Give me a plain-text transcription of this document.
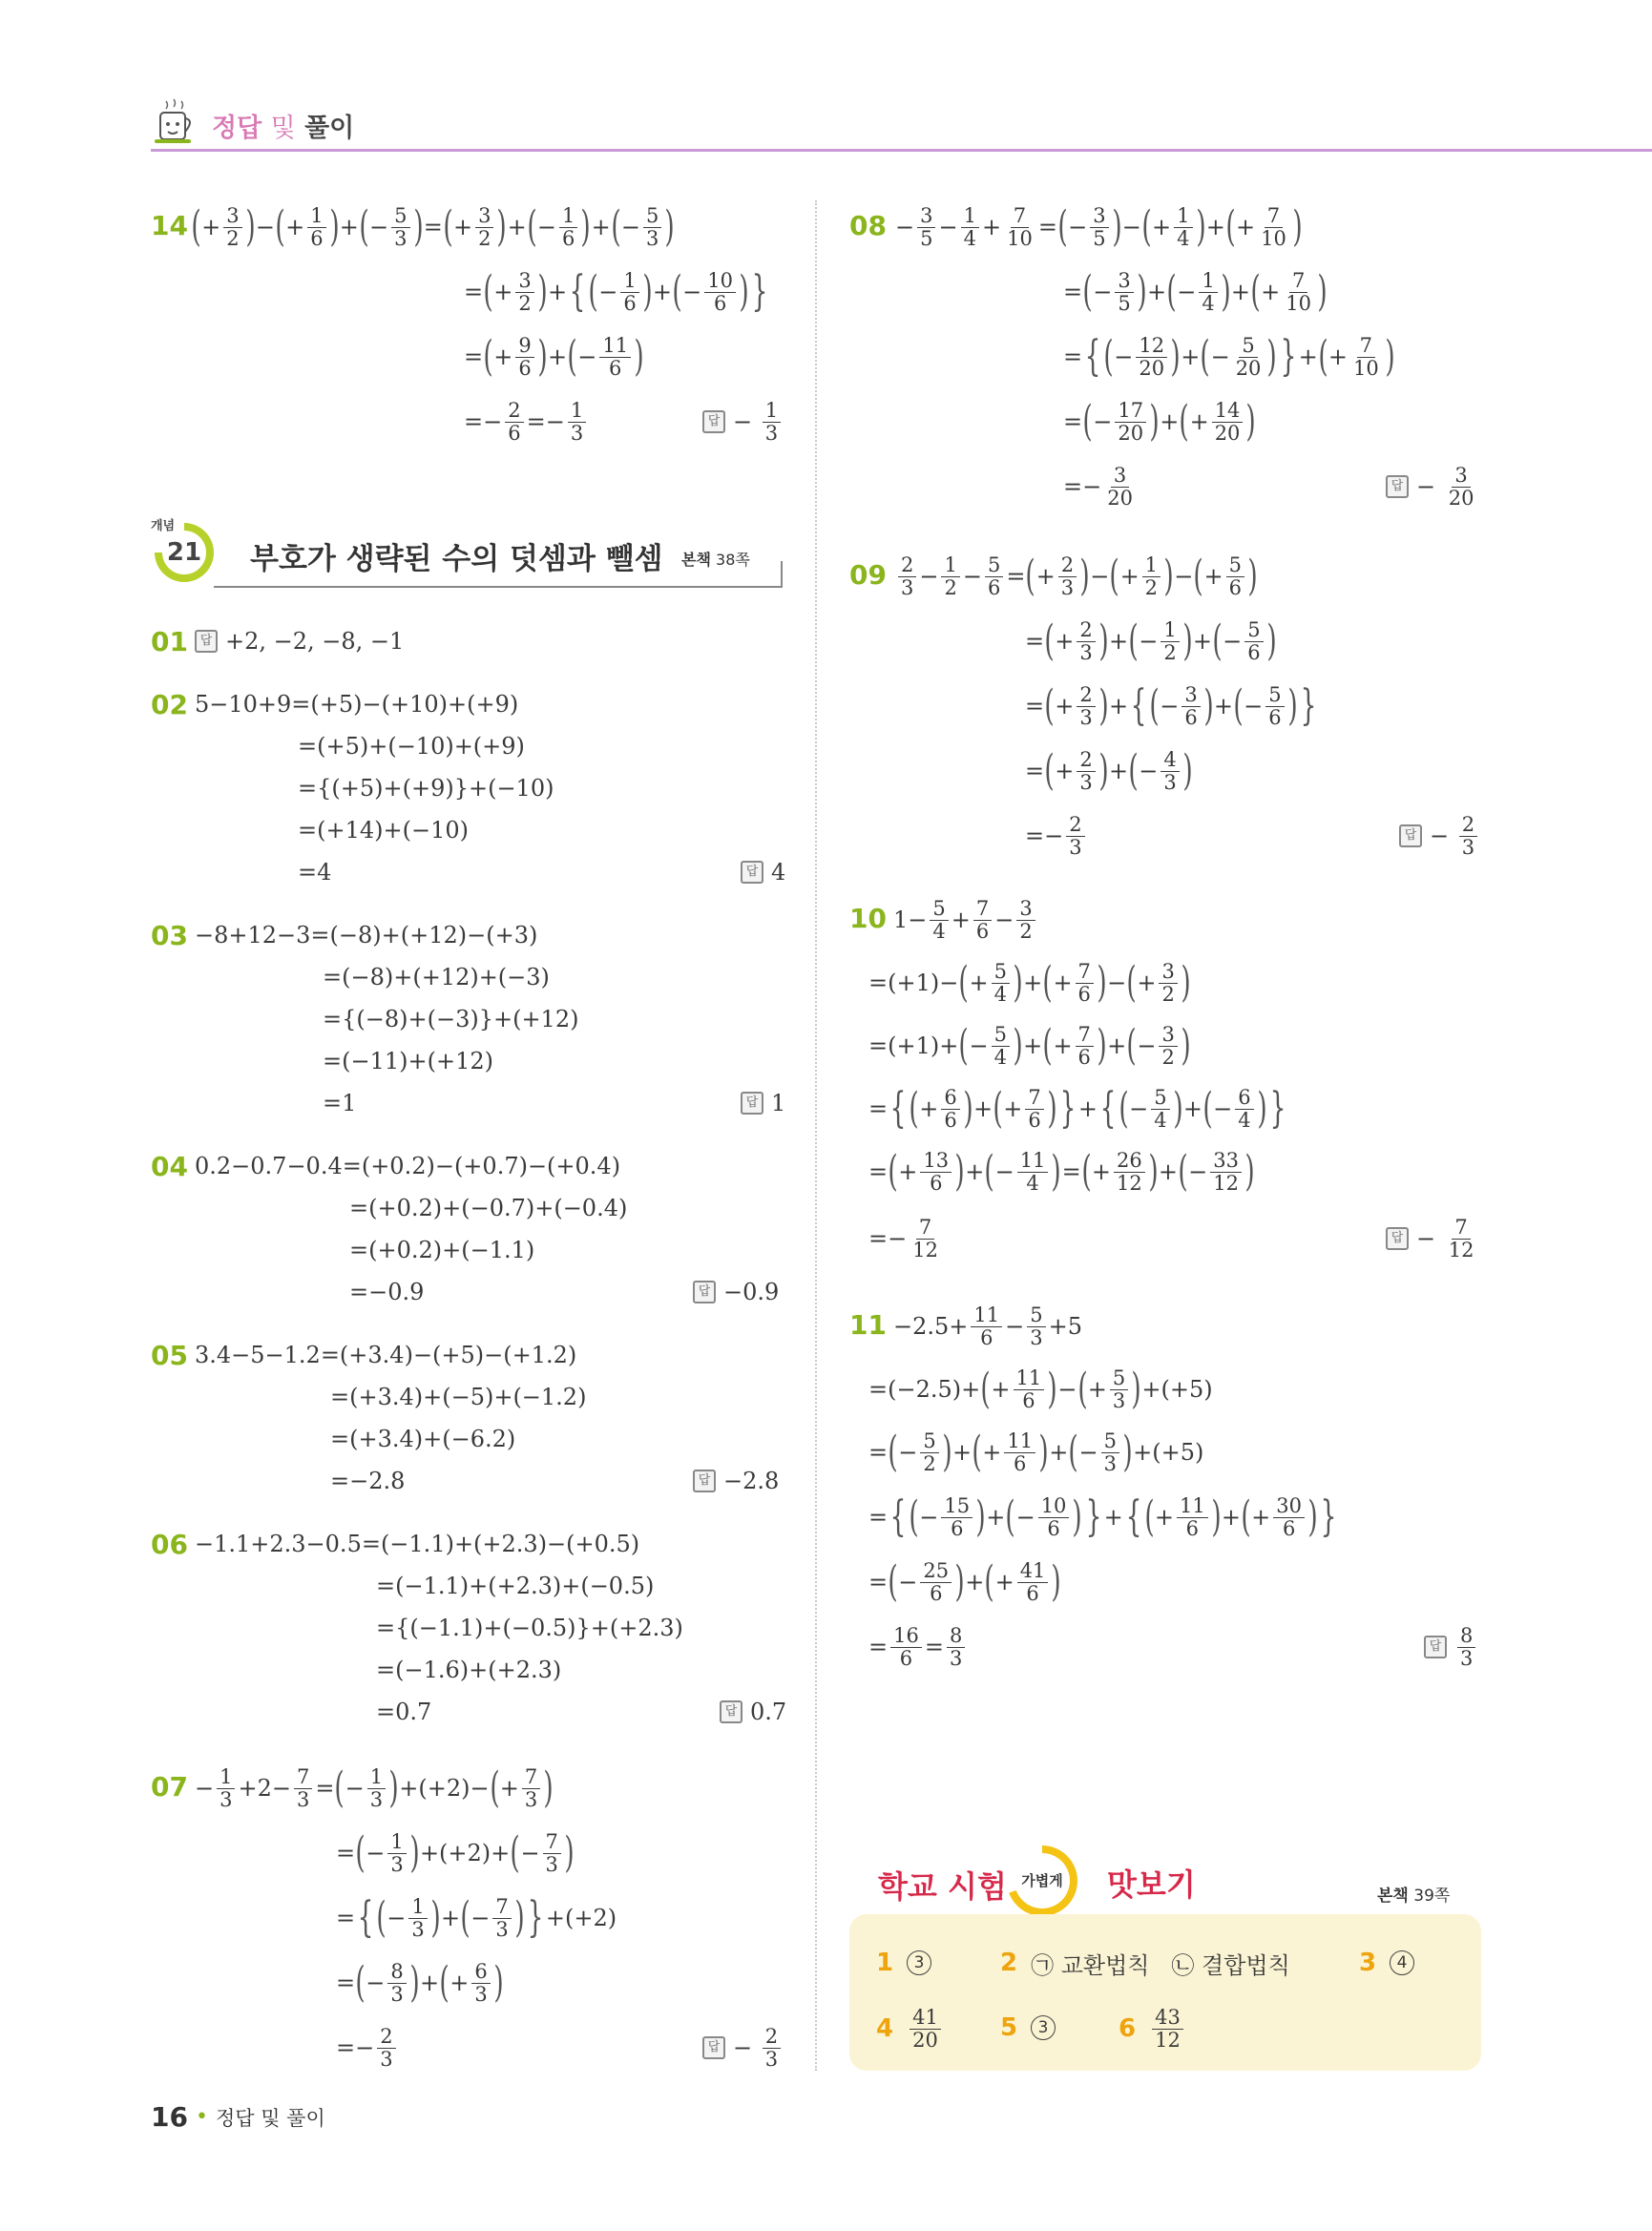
정답 및 풀이
14 ( + 3
2 ) − ( + 1
6 ) + ( − 5
3 ) = ( + 3
2 ) + ( − 1
6 ) + ( − 5
3 )
= ( + 3
2 ) + { ( − 1
6 ) + ( − 10
6 ) }
= ( + 9
6 ) + ( − 11
6 )
=− 2
6 =− 1
3	답 −
$\frac{1}{3}$
21
개념
부호가 생략된 수의 덧셈과 뺄셈 본책 38쪽
01 답 +2, −2, −8, −1
02 5−10+9=(+5)−(+10)+(+9)
=(+5)+(−10)+(+9)
={(+5)+(+9)}+(−10)
=(+14)+(−10)
=4	답 4
03 −8+12−3=(−8)+(+12)−(+3)
=(−8)+(+12)+(−3)
={(−8)+(−3)}+(+12)
=(−11)+(+12)
=1	답 1
04 0.2−0.7−0.4=(+0.2)−(+0.7)−(+0.4)
=(+0.2)+(−0.7)+(−0.4)
=(+0.2)+(−1.1)
=−0.9	답 −0.9
05 3.4−5−1.2=(+3.4)−(+5)−(+1.2)
=(+3.4)+(−5)+(−1.2)
=(+3.4)+(−6.2)
=−2.8	답 −2.8
06 −1.1+2.3−0.5=(−1.1)+(+2.3)−(+0.5)
=(−1.1)+(+2.3)+(−0.5)
={(−1.1)+(−0.5)}+(+2.3)
=(−1.6)+(+2.3)
=0.7	답 0.7
07 − 1
3 +2− 7
3 = ( − 1
3 ) +(+2)− ( + 7
3 )
= ( − 1
3 ) +(+2)+ ( − 7
3 )
= { ( − 1
3 ) + ( − 7
3 ) } +(+2)
= ( − 8
3 ) + ( + 6
3 )
=− 2
3	답 −
$\frac{2}{3}$
08 − 3
5 − 1
4 + 7
10 = ( − 3
5 ) − ( + 1
4 ) + ( + 7
10 )
= ( − 3
5 ) + ( − 1
4 ) + ( + 7
10 )
= { ( − 12
20 ) + ( − 5
20 ) } + ( + 7
10 )
= ( − 17
20 ) + ( + 14
20 )
=− 3
20	답 −
$\frac{3}{20}$
09 2
3 − 1
2 − 5
6 = ( + 2
3 ) − ( + 1
2 ) − ( + 5
6 )
= ( + 2
3 ) + ( − 1
2 ) + ( − 5
6 )
= ( + 2
3 ) + { ( − 3
6 ) + ( − 5
6 ) }
= ( + 2
3 ) + ( − 4
3 )
=− 2
3	답 −
$\frac{2}{3}$
10 1− 5
4 + 7
6 − 3
2
=(+1)− ( + 5
4 ) + ( + 7
6 ) − ( + 3
2 )
=(+1)+ ( − 5
4 ) + ( + 7
6 ) + ( − 3
2 )
= { ( + 6
6 ) + ( + 7
6 ) } + { ( − 5
4 ) + ( − 6
4 ) }
= ( + 13
6 ) + ( − 11
4 ) = ( + 26
12 ) + ( − 33
12 )
=− 7
12	답 −
$\frac{7}{12}$
11 −2.5+ 11
6 − 5
3 +5
=(−2.5)+ ( + 11
6 ) − ( + 5
3 ) +(+5)
= ( − 5
2 ) + ( + 11
6 ) + ( − 5
3 ) +(+5)
= { ( − 15
6 ) + ( − 10
6 ) } + { ( + 11
6 ) + ( + 30
6 ) }
= ( − 25
6 ) + ( + 41
6 )
= 16
6 = 8
3	답 8
3
학교 시험	가볍게 맛보기	본책 39쪽
1	3	2 ㉠
교환법칙
㉡
결합법칙	3	4
4 41
20	5	3	6 43
12
16 • 정답 및 풀이
